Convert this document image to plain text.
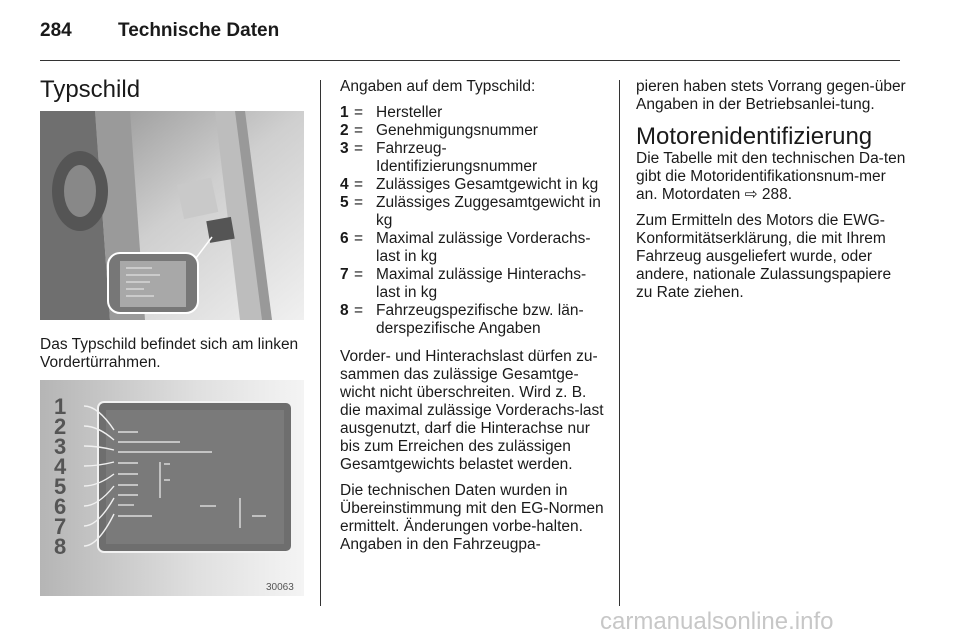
284 Technische Daten
Typschild
Das Typschild befindet sich am linken Vordertürrahmen.
1
2
3
4
5
6
7
8
30063

Angaben auf dem Typschild:

1 = Hersteller
2 = Genehmigungsnummer
3 = Fahrzeug-Identifizierungsnummer
4 = Zulässiges Gesamtgewicht in kg
5 = Zulässiges Zuggesamtgewicht in kg
6 = Maximal zulässige Vorderachs-last in kg
7 = Maximal zulässige Hinterachs-last in kg
8 = Fahrzeugspezifische bzw. län-derspezifische Angaben

Vorder- und Hinterachslast dürfen zu-sammen das zulässige Gesamtge-wicht nicht überschreiten. Wird z. B. die maximal zulässige Vorderachs-last ausgenutzt, darf die Hinterachse nur bis zum Erreichen des zulässigen Gesamtgewichts belastet werden.

Die technischen Daten wurden in Übereinstimmung mit den EG-Normen ermittelt. Änderungen vorbe-halten. Angaben in den Fahrzeugpa-

pieren haben stets Vorrang gegen-über Angaben in der Betriebsanlei-tung.

Motorenidentifizierung

Die Tabelle mit den technischen Da-ten gibt die Motoridentifikationsnum-mer an. Motordaten ⇨ 288.

Zum Ermitteln des Motors die EWG-Konformitätserklärung, die mit Ihrem Fahrzeug ausgeliefert wurde, oder andere, nationale Zulassungspapiere zu Rate ziehen.

carmanualsonline.info
